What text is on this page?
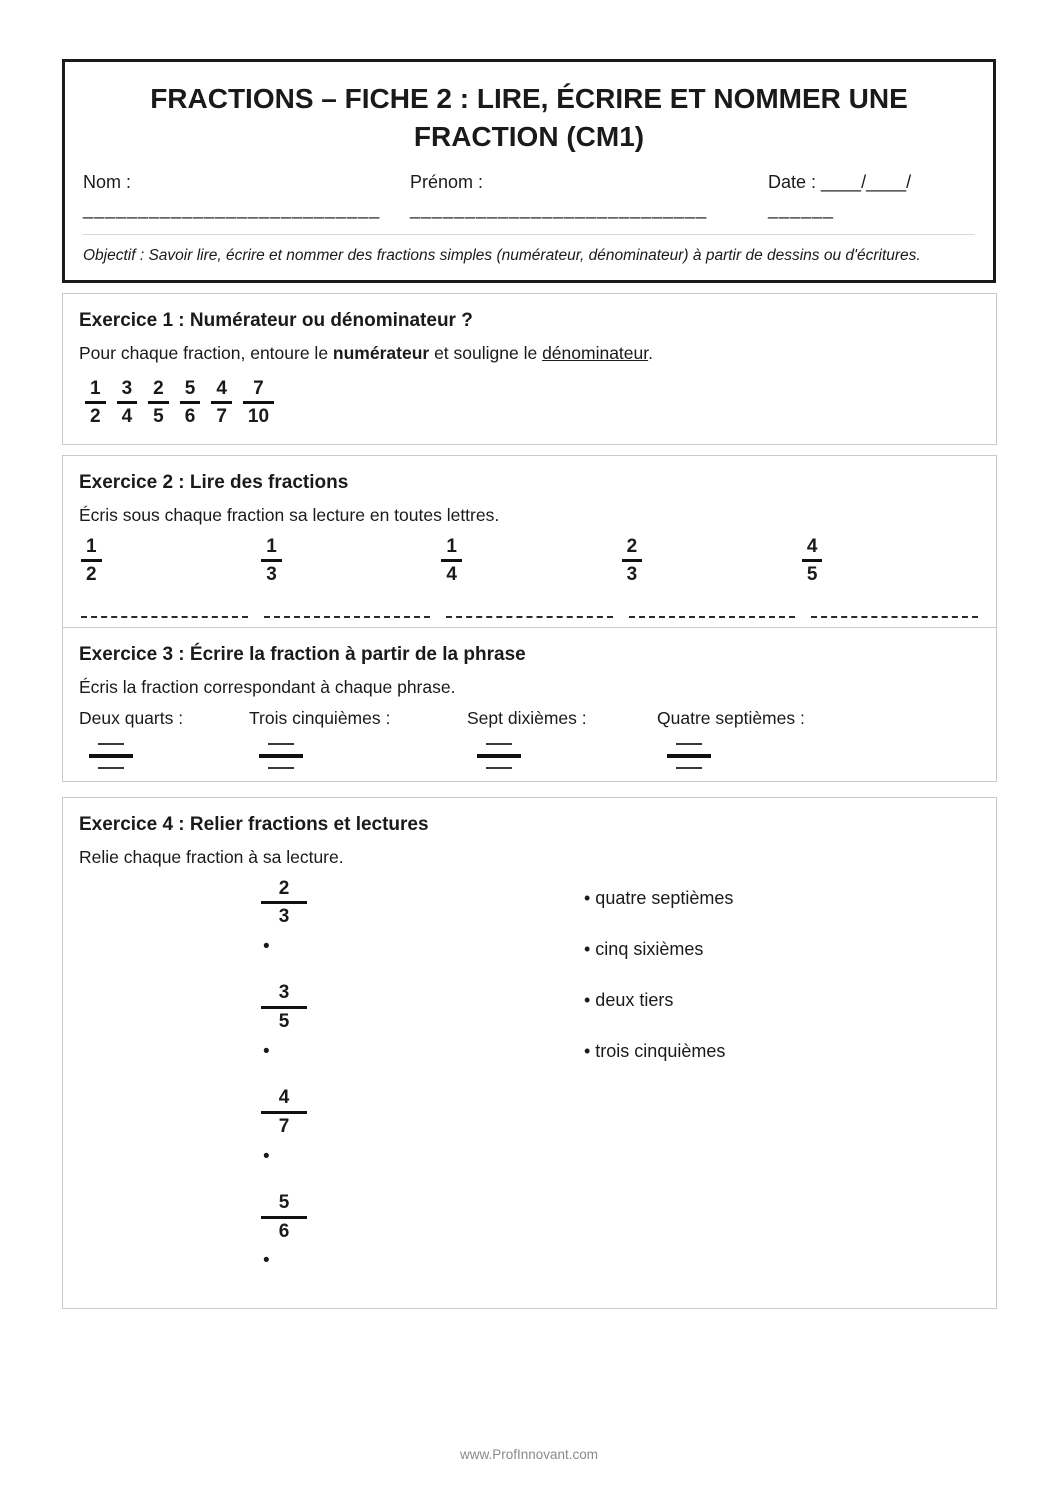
FRACTIONS – FICHE 2 : LIRE, ÉCRIRE ET NOMMER UNE FRACTION (CM1)
Nom :
___________________________
Prénom :
___________________________
Date : ____/____/
______

Objectif : Savoir lire, écrire et nommer des fractions simples (numérateur, dénominateur) à partir de dessins ou d'écritures.

Exercice 1 : Numérateur ou dénominateur ?

Pour chaque fraction, entoure le numérateur et souligne le dénominateur.

$\frac{1}{2} \frac{3}{4} \frac{2}{5} \frac{5}{6} \frac{4}{7} \frac{7}{10}$
Exercice 2 : Lire des fractions

Écris sous chaque fraction sa lecture en toutes lettres.

$\frac{1}{2}$	$\frac{1}{3}$	$\frac{1}{4}$	$\frac{2}{3}$	$\frac{4}{5}$
Exercice 3 : Écrire la fraction à partir de la phrase

Écris la fraction correspondant à chaque phrase.

Deux quarts :	Trois cinquièmes :	Sept dixièmes :	Quatre septièmes :
Exercice 4 : Relier fractions et lectures

Relie chaque fraction à sa lecture.

$\frac{2}{3}$
•
$\frac{3}{5}$
•
$\frac{4}{7}$
•
$\frac{5}{6}$
•
• quatre septièmes
• cinq sixièmes
• deux tiers
• trois cinquièmes
www.ProfInnovant.com
